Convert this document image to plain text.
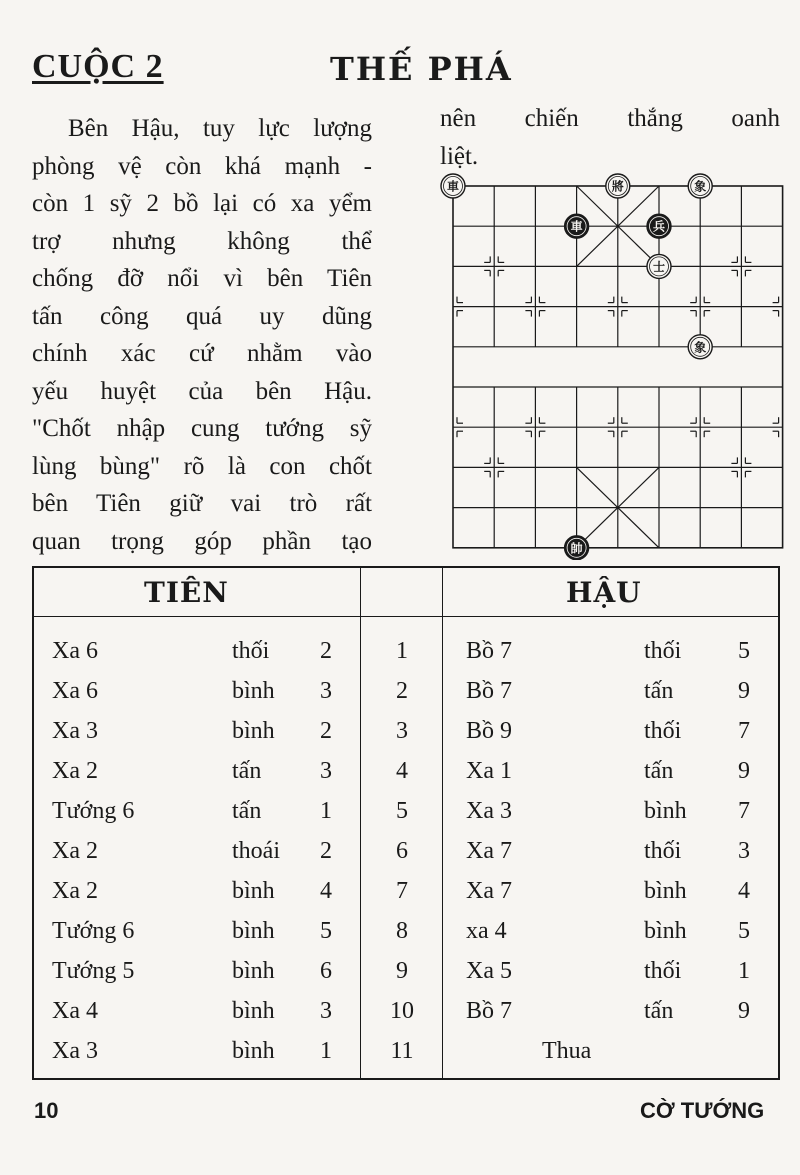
CUỘC 2	THẾ PHÁ
Bên Hậu, tuy lực lượng
phòng vệ còn khá mạnh -
còn 1 sỹ 2 bồ lại có xa yểm
trợ nhưng không thể
chống đỡ nổi vì bên Tiên
tấn công quá uy dũng
chính xác cứ nhằm vào
yếu huyệt của bên Hậu.
"Chốt nhập cung tướng sỹ
lùng bùng" rõ là con chốt
bên Tiên giữ vai trò rất
quan trọng góp phần tạo
nên chiến thắng oanh
liệt.
車	將	象
車	兵
士
象
帥
TIÊN	HẬU
Xa 6	thối 2	1	Bồ 7	thối 5
Xa 6	bình 3	2	Bồ 7	tấn	9
Xa 3	bình 2	3	Bồ 9	thối 7
Xa 2	tấn 3	4	Xa 1	tấn	9
Tướng 6	tấn 1	5	Xa 3	bình 7
Xa 2	thoái 2	6	Xa 7	thối 3
Xa 2	bình 4	7	Xa 7	bình 4
Tướng 6	bình 5	8	xa 4	bình 5
Tướng 5	bình 6	9	Xa 5	thối 1
Xa 4	bình 3	10	Bồ 7	tấn	9
Xa 3	bình 1	11	Thua
10	CỜ TƯỚNG
